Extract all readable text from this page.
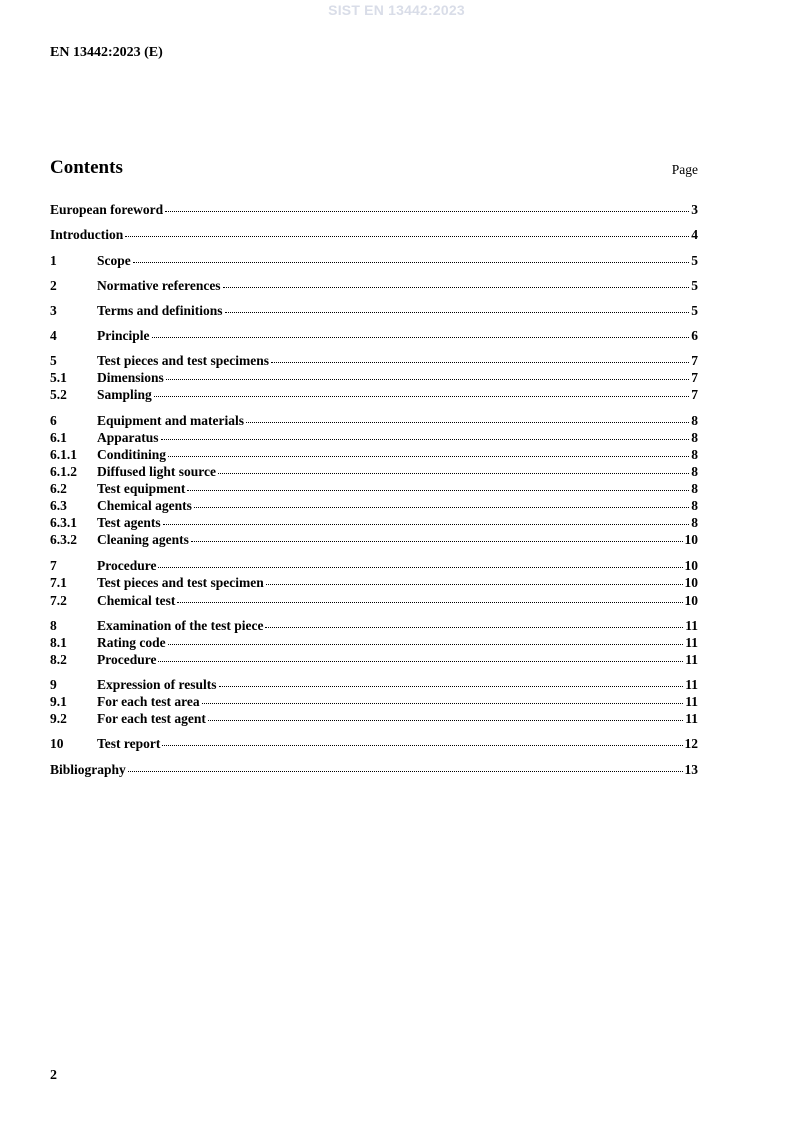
SIST EN 13442:2023
EN 13442:2023 (E)
Contents	Page
European foreword	3
Introduction	4
1	Scope	5
2	Normative references	5
3	Terms and definitions	5
4	Principle	6
5	Test pieces and test specimens	7
5.1	Dimensions	7
5.2	Sampling	7
6	Equipment and materials	8
6.1	Apparatus	8
6.1.1	Conditining	8
6.1.2	Diffused light source	8
6.2	Test equipment	8
6.3	Chemical agents	8
6.3.1	Test agents	8
6.3.2	Cleaning agents	10
7	Procedure	10
7.1	Test pieces and test specimen	10
7.2	Chemical test	10
8	Examination of the test piece	11
8.1	Rating code	11
8.2	Procedure	11
9	Expression of results	11
9.1	For each test area	11
9.2	For each test agent	11
10	Test report	12
Bibliography	13
2
